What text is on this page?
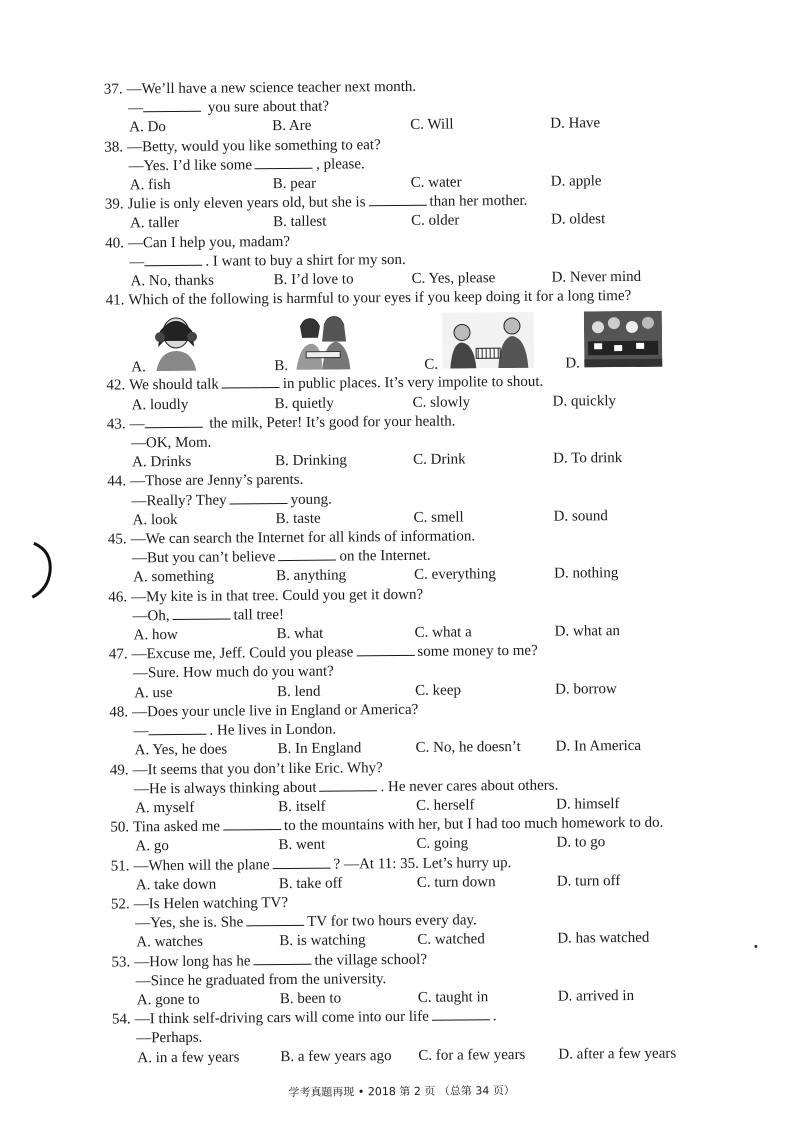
37. —We’ll have a new science teacher next month.
—	you sure about that?
A. Do	B. Are	C. Will	D. Have
38. —Betty, would you like something to eat?
—Yes. I’d like some	, please.
A. fish	B. pear	C. water	D. apple
39. Julie is only eleven years old, but she is	than her mother.
A. taller	B. tallest	C. older	D. oldest
40. —Can I help you, madam?
—	. I want to buy a shirt for my son.
A. No, thanks	B. I’d love to	C. Yes, please	D. Never mind
41. Which of the following is harmful to your eyes if you keep doing it for a long time?
A.	B.	C.	D.
42. We should talk	in public places. It’s very impolite to shout.
A. loudly	B. quietly	C. slowly	D. quickly
43. —	the milk, Peter! It’s good for your health.
—OK, Mom.
A. Drinks	B. Drinking	C. Drink	D. To drink
44. —Those are Jenny’s parents.
—Really? They	young.
A. look	B. taste	C. smell	D. sound
45. —We can search the Internet for all kinds of information.
—But you can’t believe	on the Internet.
A. something	B. anything	C. everything	D. nothing
46. —My kite is in that tree. Could you get it down?
—Oh,	tall tree!
A. how	B. what	C. what a	D. what an
47. —Excuse me, Jeff. Could you please	some money to me?
—Sure. How much do you want?
A. use	B. lend	C. keep	D. borrow
48. —Does your uncle live in England or America?
—	. He lives in London.
A. Yes, he does	B. In England	C. No, he doesn’t	D. In America
49. —It seems that you don’t like Eric. Why?
—He is always thinking about	. He never cares about others.
A. myself	B. itself	C. herself	D. himself
50. Tina asked me	to the mountains with her, but I had too much homework to do.
A. go	B. went	C. going	D. to go
51. —When will the plane	? —At 11: 35. Let’s hurry up.
A. take down	B. take off	C. turn down	D. turn off
52. —Is Helen watching TV?
—Yes, she is. She	TV for two hours every day.
A. watches	B. is watching	C. watched	D. has watched
53. —How long has he	the village school?
—Since he graduated from the university.
A. gone to	B. been to	C. taught in	D. arrived in
54. —I think self-driving cars will come into our life	.
—Perhaps.
A. in a few years	B. a few years ago	C. for a few years	D. after a few years
学考真题再现 • 2018 第 2 页 （总第 34 页）
